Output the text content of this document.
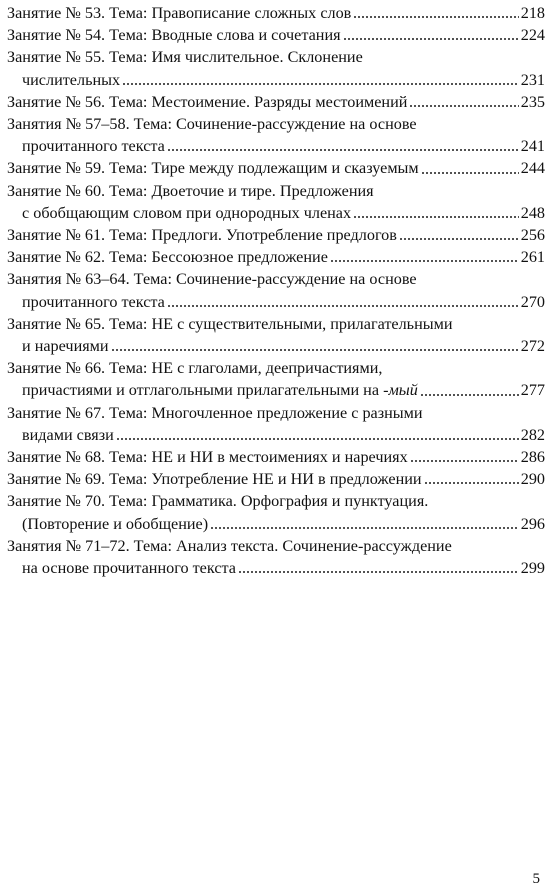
Занятие № 53. Тема: Правописание сложных слов	218
Занятие № 54. Тема: Вводные слова и сочетания	224
Занятие № 55. Тема: Имя числительное. Склонение
числительных	231
Занятие № 56. Тема: Местоимение. Разряды местоимений	235
Занятия № 57–58. Тема: Сочинение-рассуждение на основе
прочитанного текста	241
Занятие № 59. Тема: Тире между подлежащим и сказуемым	244
Занятие № 60. Тема: Двоеточие и тире. Предложения
с обобщающим словом при однородных членах	248
Занятие № 61. Тема: Предлоги. Употребление предлогов	256
Занятие № 62. Тема: Бессоюзное предложение	261
Занятия № 63–64. Тема: Сочинение-рассуждение на основе
прочитанного текста	270
Занятие № 65. Тема: НЕ с существительными, прилагательными
и наречиями	272
Занятие № 66. Тема: НЕ с глаголами, деепричастиями,
причастиями и отглагольными прилагательными на -мый	277
Занятие № 67. Тема: Многочленное предложение с разными
видами связи	282
Занятие № 68. Тема: НЕ и НИ в местоимениях и наречиях	286
Занятие № 69. Тема: Употребление НЕ и НИ в предложении	290
Занятие № 70. Тема: Грамматика. Орфография и пунктуация.
(Повторение и обобщение)	296
Занятия № 71–72. Тема: Анализ текста. Сочинение-рассуждение
на основе прочитанного текста	299
5
